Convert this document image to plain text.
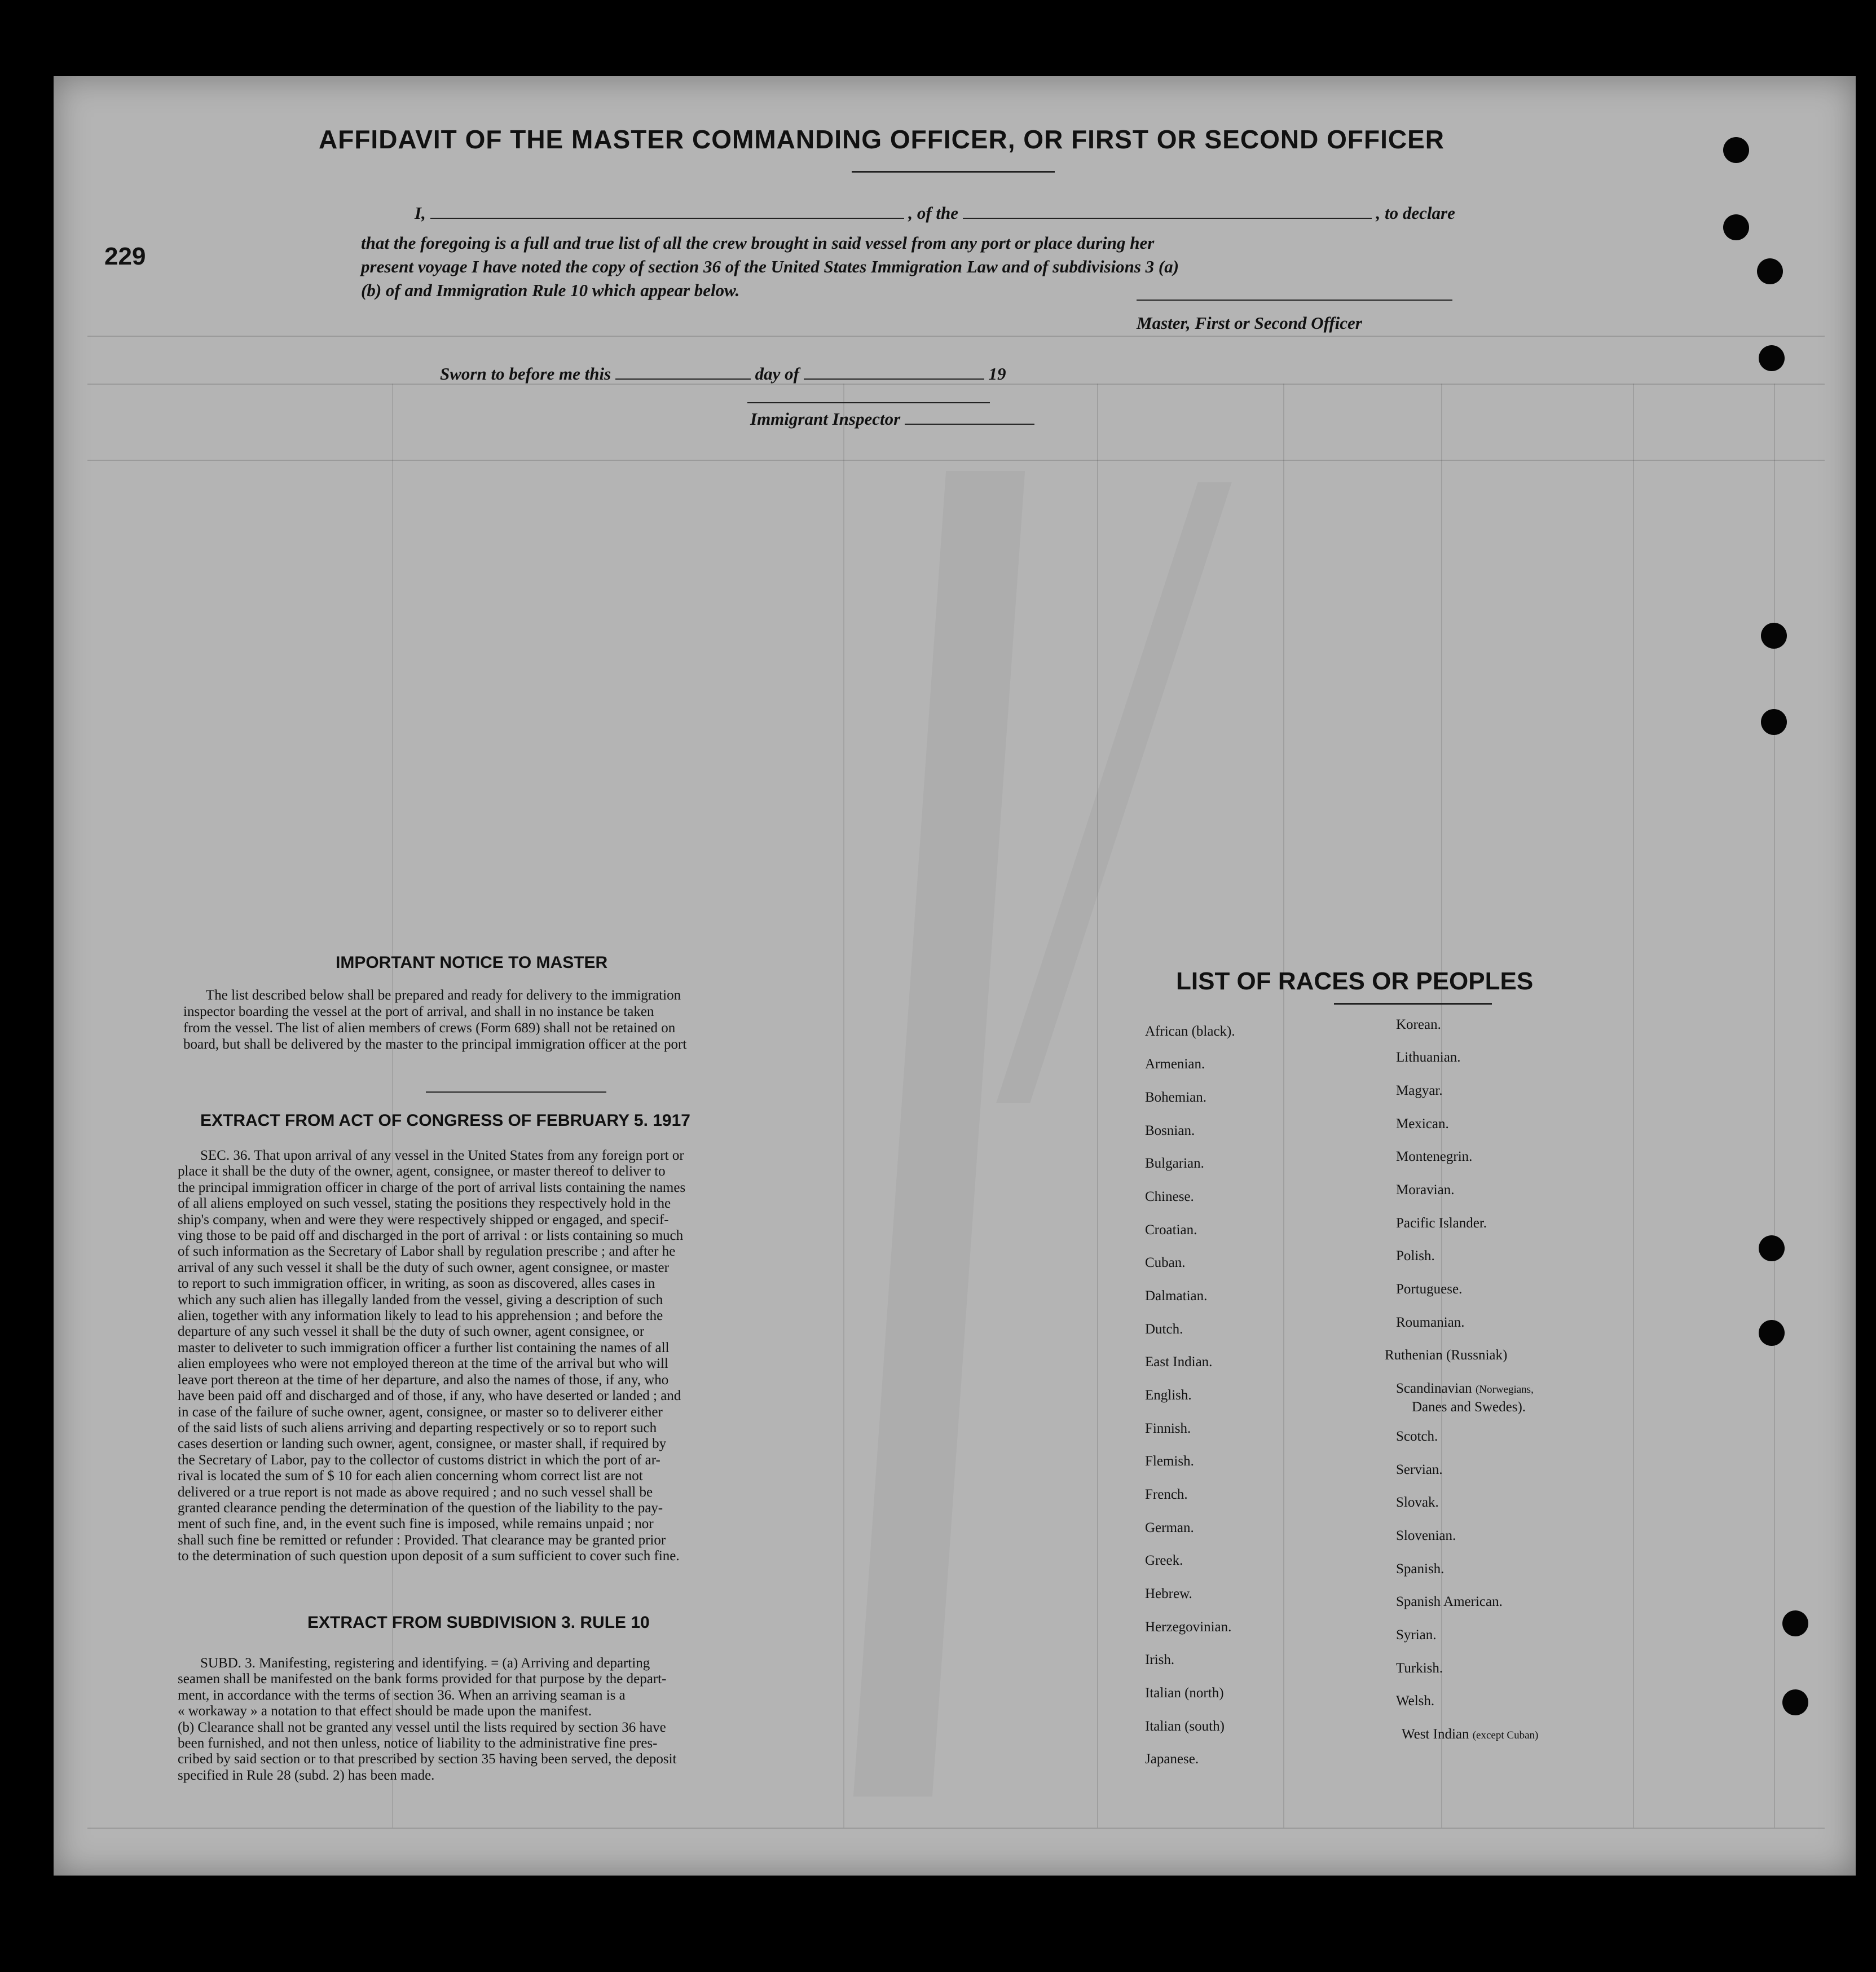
229
AFFIDAVIT OF THE MASTER COMMANDING OFFICER, OR FIRST OR SECOND OFFICER
I,	, of the	, to declare
that the foregoing is a full and true list of all the crew brought in said vessel from any port or place during her
present voyage I have noted the copy of section 36 of the United States Immigration Law and of subdivisions 3 (a)
(b) of and Immigration Rule 10 which appear below.
Master, First or Second Officer
Sworn to before me this	day of	19
Immigrant Inspector
IMPORTANT NOTICE TO MASTER
The list described below shall be prepared and ready for delivery to the immigration
inspector boarding the vessel at the port of arrival, and shall in no instance be taken
from the vessel. The list of alien members of crews (Form 689) shall not be retained on
board, but shall be delivered by the master to the principal immigration officer at the port
EXTRACT FROM ACT OF CONGRESS OF FEBRUARY 5. 1917
SEC. 36. That upon arrival of any vessel in the United States from any foreign port or
place it shall be the duty of the owner, agent, consignee, or master thereof to deliver to
the principal immigration officer in charge of the port of arrival lists containing the names
of all aliens employed on such vessel, stating the positions they respectively hold in the
ship's company, when and were they were respectively shipped or engaged, and specif-
ving those to be paid off and discharged in the port of arrival : or lists containing so much
of such information as the Secretary of Labor shall by regulation prescribe ; and after he
arrival of any such vessel it shall be the duty of such owner, agent consignee, or master
to report to such immigration officer, in writing, as soon as discovered, alles cases in
which any such alien has illegally landed from the vessel, giving a description of such
alien, together with any information likely to lead to his apprehension ; and before the
departure of any such vessel it shall be the duty of such owner, agent consignee, or
master to deliveter to such immigration officer a further list containing the names of all
alien employees who were not employed thereon at the time of the arrival but who will
leave port thereon at the time of her departure, and also the names of those, if any, who
have been paid off and discharged and of those, if any, who have deserted or landed ; and
in case of the failure of suche owner, agent, consignee, or master so to deliverer either
of the said lists of such aliens arriving and departing respectively or so to report such
cases desertion or landing such owner, agent, consignee, or master shall, if required by
the Secretary of Labor, pay to the collector of customs district in which the port of ar-
rival is located the sum of $ 10 for each alien concerning whom correct list are not
delivered or a true report is not made as above required ; and no such vessel shall be
granted clearance pending the determination of the question of the liability to the pay-
ment of such fine, and, in the event such fine is imposed, while remains unpaid ; nor
shall such fine be remitted or refunder : Provided. That clearance may be granted prior
to the determination of such question upon deposit of a sum sufficient to cover such fine.
EXTRACT FROM SUBDIVISION 3. RULE 10
SUBD. 3. Manifesting, registering and identifying. = (a) Arriving and departing
seamen shall be manifested on the bank forms provided for that purpose by the depart-
ment, in accordance with the terms of section 36. When an arriving seaman is a
« workaway » a notation to that effect should be made upon the manifest.
(b) Clearance shall not be granted any vessel until the lists required by section 36 have
been furnished, and not then unless, notice of liability to the administrative fine pres-
cribed by said section or to that prescribed by section 35 having been served, the deposit
specified in Rule 28 (subd. 2) has been made.
LIST OF RACES OR PEOPLES
African (black).
Armenian.
Bohemian.
Bosnian.
Bulgarian.
Chinese.
Croatian.
Cuban.
Dalmatian.
Dutch.
East Indian.
English.
Finnish.
Flemish.
French.
German.
Greek.
Hebrew.
Herzegovinian.
Irish.
Italian (north)
Italian (south)
Japanese.
Korean.
Lithuanian.
Magyar.
Mexican.
Montenegrin.
Moravian.
Pacific Islander.
Polish.
Portuguese.
Roumanian.
Ruthenian (Russniak)
Scandinavian (Norwegians,
Danes and Swedes).
Scotch.
Servian.
Slovak.
Slovenian.
Spanish.
Spanish American.
Syrian.
Turkish.
Welsh.
West Indian (except Cuban)
